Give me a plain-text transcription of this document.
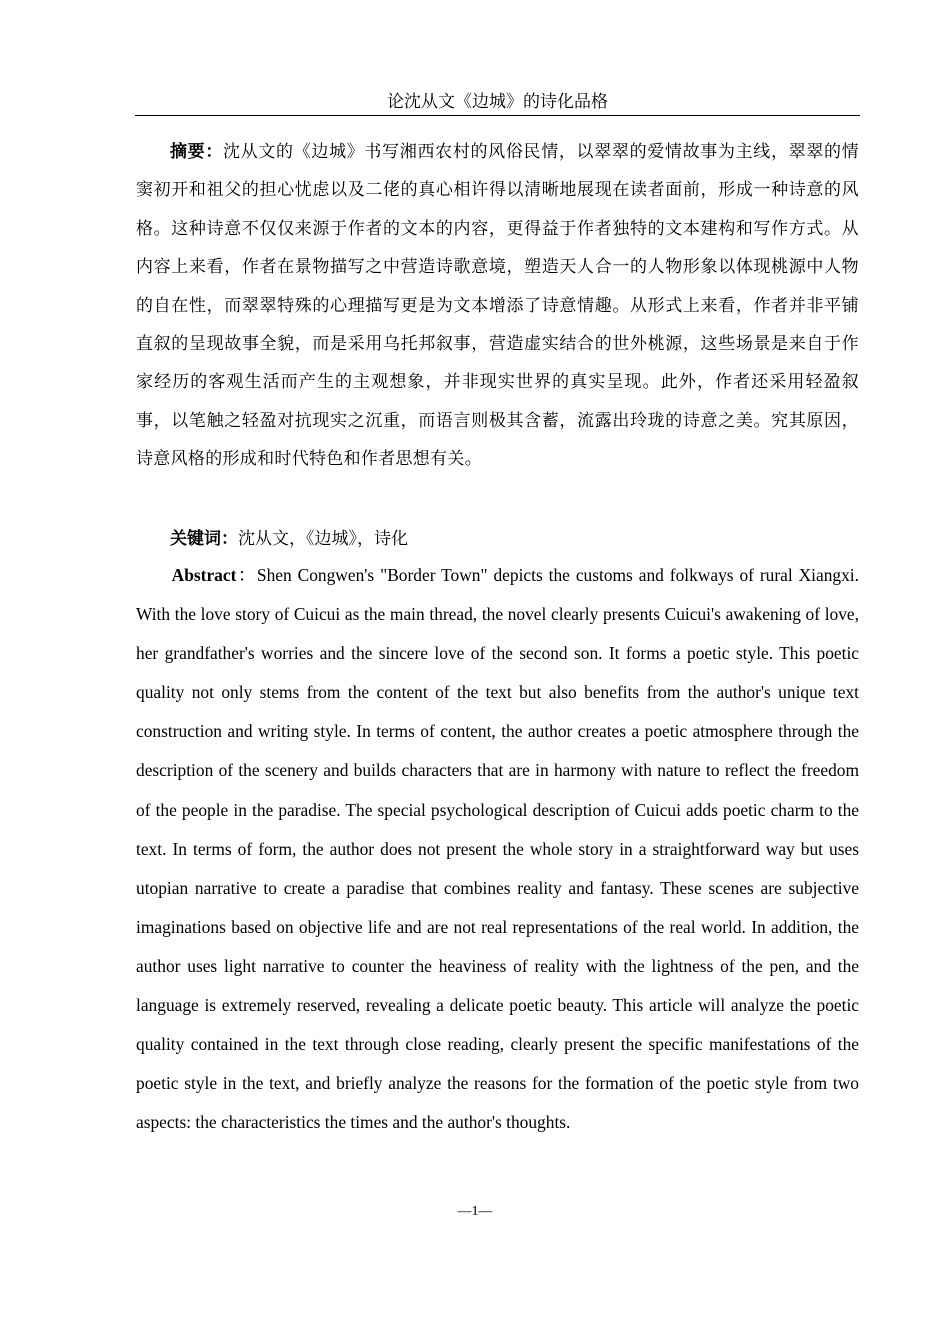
论沈从文《边城》的诗化品格

摘要：沈从文的《边城》书写湘西农村的风俗民情，以翠翠的爱情故事为主线，翠翠的情窦初开和祖父的担心忧虑以及二佬的真心相许得以清晰地展现在读者面前，形成一种诗意的风格。这种诗意不仅仅来源于作者的文本的内容，更得益于作者独特的文本建构和写作方式。从内容上来看，作者在景物描写之中营造诗歌意境，塑造天人合一的人物形象以体现桃源中人物的自在性，而翠翠特殊的心理描写更是为文本增添了诗意情趣。从形式上来看，作者并非平铺直叙的呈现故事全貌，而是采用乌托邦叙事，营造虚实结合的世外桃源，这些场景是来自于作家经历的客观生活而产生的主观想象，并非现实世界的真实呈现。此外，作者还采用轻盈叙事，以笔触之轻盈对抗现实之沉重，而语言则极其含蓄，流露出玲珑的诗意之美。究其原因，诗意风格的形成和时代特色和作者思想有关。

关键词：沈从文，《边城》，诗化

Abstract：Shen Congwen's "Border Town" depicts the customs and folkways of rural Xiangxi. With the love story of Cuicui as the main thread, the novel clearly presents Cuicui's awakening of love, her grandfather's worries and the sincere love of the second son. It forms a poetic style. This poetic quality not only stems from the content of the text but also benefits from the author's unique text construction and writing style. In terms of content, the author creates a poetic atmosphere through the description of the scenery and builds characters that are in harmony with nature to reflect the freedom of the people in the paradise. The special psychological description of Cuicui adds poetic charm to the text. In terms of form, the author does not present the whole story in a straightforward way but uses utopian narrative to create a paradise that combines reality and fantasy. These scenes are subjective imaginations based on objective life and are not real representations of the real world. In addition, the author uses light narrative to counter the heaviness of reality with the lightness of the pen, and the language is extremely reserved, revealing a delicate poetic beauty. This article will analyze the poetic quality contained in the text through close reading, clearly present the specific manifestations of the poetic style in the text, and briefly analyze the reasons for the formation of the poetic style from two aspects: the characteristics the times and the author's thoughts.

—1—
